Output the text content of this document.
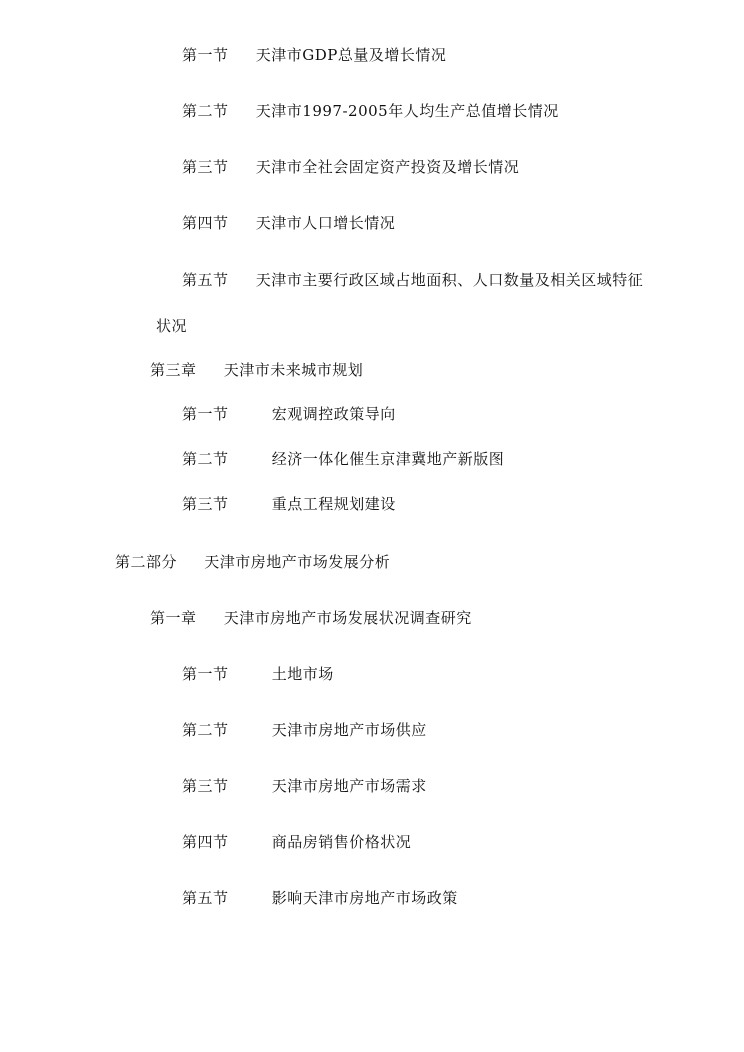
第一节 天津市GDP总量及增长情况
第二节 天津市1997-2005年人均生产总值增长情况
第三节 天津市全社会固定资产投资及增长情况
第四节 天津市人口增长情况
第五节 天津市主要行政区域占地面积、人口数量及相关区域特征
状况
第三章 天津市未来城市规划
第一节	宏观调控政策导向
第二节	经济一体化催生京津冀地产新版图
第三节	重点工程规划建设
第二部分 天津市房地产市场发展分析
第一章 天津市房地产市场发展状况调查研究
第一节	土地市场
第二节	天津市房地产市场供应
第三节	天津市房地产市场需求
第四节	商品房销售价格状况
第五节	影响天津市房地产市场政策
